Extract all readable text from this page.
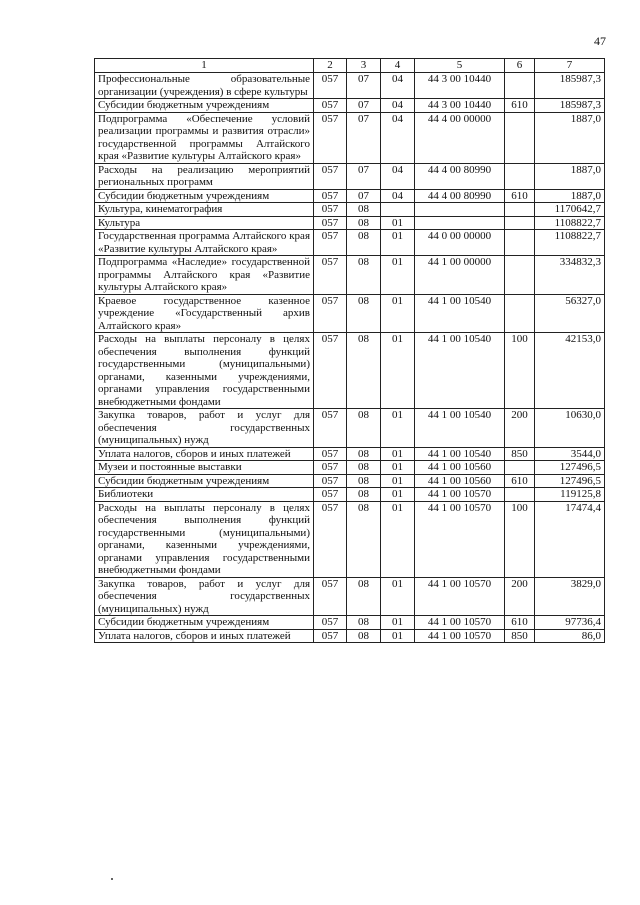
47
1	2	3	4	5	6	7
Профессиональные образовательные организации (учреждения) в сфере культуры	057	07	04	44 3 00 10440		185987,3
Субсидии бюджетным учреждениям	057	07	04	44 3 00 10440	610	185987,3
Подпрограмма «Обеспечение условий реализации программы и развития отрасли» государственной программы Алтайского края «Развитие культуры Алтайского края»	057	07	04	44 4 00 00000		1887,0
Расходы на реализацию мероприятий региональных программ	057	07	04	44 4 00 80990		1887,0
Субсидии бюджетным учреждениям	057	07	04	44 4 00 80990	610	1887,0
Культура, кинематография	057	08				1170642,7
Культура	057	08	01			1108822,7
Государственная программа Алтайского края «Развитие культуры Алтайского края»	057	08	01	44 0 00 00000		1108822,7
Подпрограмма «Наследие» государственной программы Алтайского края «Развитие культуры Алтайского края»	057	08	01	44 1 00 00000		334832,3
Краевое государственное казенное учреждение «Государственный архив Алтайского края»	057	08	01	44 1 00 10540		56327,0
Расходы на выплаты персоналу в целях обеспечения выполнения функций государственными (муниципальными) органами, казенными учреждениями, органами управления государственными внебюджетными фондами	057	08	01	44 1 00 10540	100	42153,0
Закупка товаров, работ и услуг для обеспечения государственных (муниципальных) нужд	057	08	01	44 1 00 10540	200	10630,0
Уплата налогов, сборов и иных платежей	057	08	01	44 1 00 10540	850	3544,0
Музеи и постоянные выставки	057	08	01	44 1 00 10560		127496,5
Субсидии бюджетным учреждениям	057	08	01	44 1 00 10560	610	127496,5
Библиотеки	057	08	01	44 1 00 10570		119125,8
Расходы на выплаты персоналу в целях обеспечения выполнения функций государственными (муниципальными) органами, казенными учреждениями, органами управления государственными внебюджетными фондами	057	08	01	44 1 00 10570	100	17474,4
Закупка товаров, работ и услуг для обеспечения государственных (муниципальных) нужд	057	08	01	44 1 00 10570	200	3829,0
Субсидии бюджетным учреждениям	057	08	01	44 1 00 10570	610	97736,4
Уплата налогов, сборов и иных платежей	057	08	01	44 1 00 10570	850	86,0
